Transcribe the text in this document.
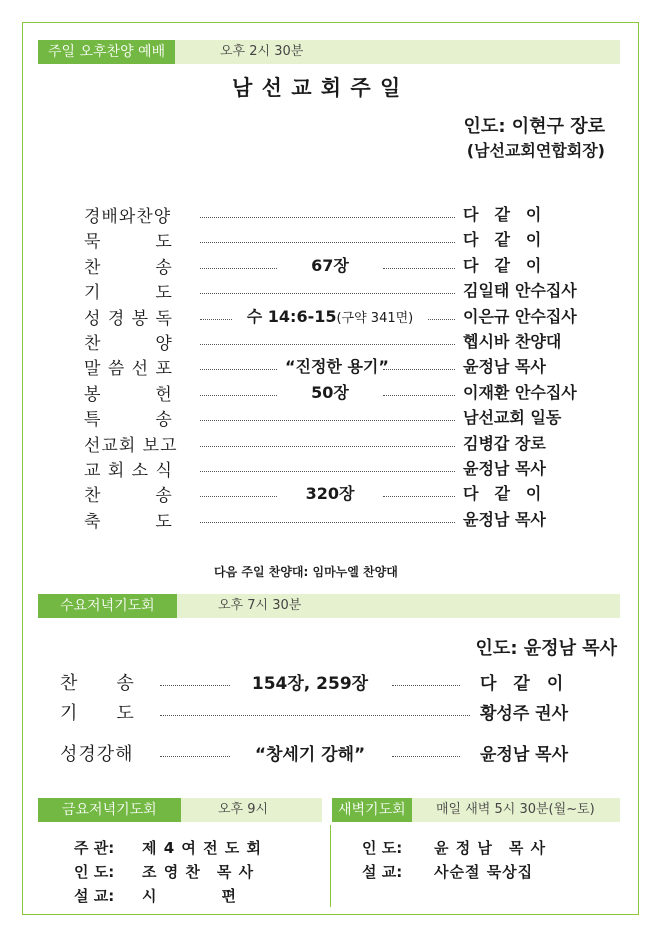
주일 오후찬양 예배	오후 2시 30분
남 선 교 회 주 일
인도: 이현구 장로
(남선교회연합회장)
경배와찬양	다　같　이
묵　　　도	다　같　이
찬　　　송	67장	다　같　이
기　　　도	김일태 안수집사
성 경 봉 독	수 14:6-15(구약 341면)	이은규 안수집사
찬　　　양	헵시바 찬양대
말 씀 선 포	“진정한 용기”	윤정남 목사
봉　　　헌	50장	이재환 안수집사
특　　　송	남선교회 일동
선교회 보고	김병갑 장로
교 회 소 식	윤정남 목사
찬　　　송	320장	다　같　이
축　　　도	윤정남 목사
다음 주일 찬양대: 임마누엘 찬양대
수요저녁기도회	오후 7시 30분
인도: 윤정남 목사
찬　　송	154장, 259장	다　같　이
기　　도	황성주 권사
성경강해	“창세기 강해”	윤정남 목사
금요저녁기도회	오후 9시	새벽기도회	매일 새벽 5시 30분(월~토)
주 관: 제 4 여 전 도 회
인 도: 조 영 찬　목 사
설 교: 시　　　　편
인 도: 윤 정 남　목 사
설 교: 사순절 묵상집
